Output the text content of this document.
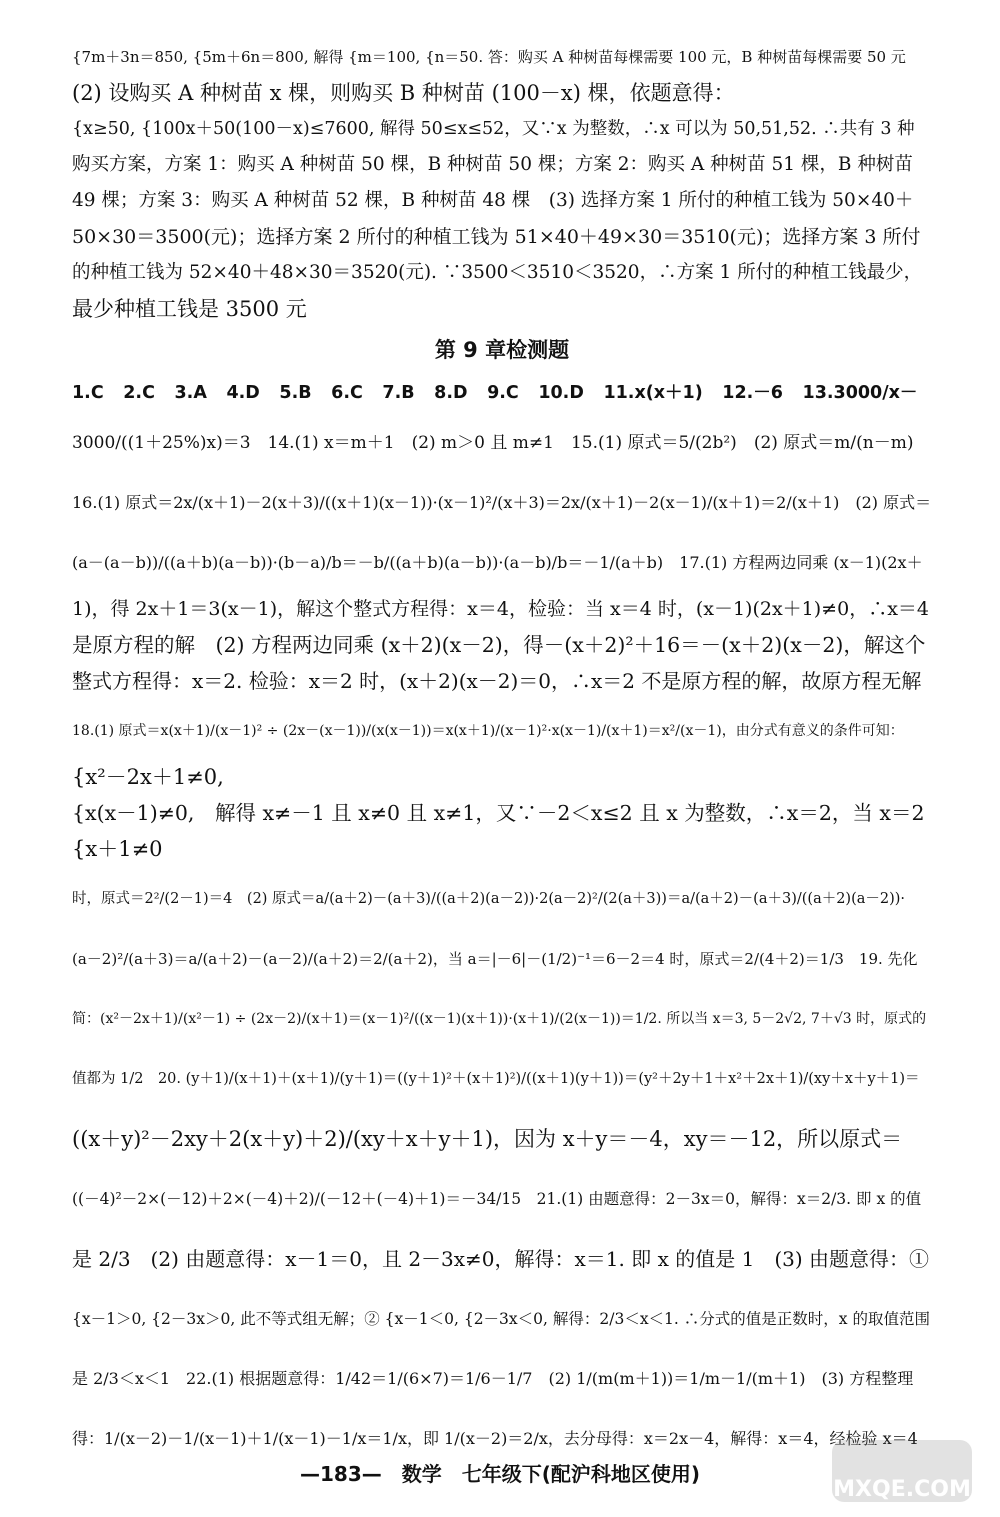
{7m＋3n＝850, {5m＋6n＝800, 解得 {m＝100, {n＝50. 答：购买 A 种树苗每棵需要 100 元，B 种树苗每棵需要 50 元
(2) 设购买 A 种树苗 x 棵，则购买 B 种树苗 (100－x) 棵，依题意得：
{x≥50, {100x＋50(100－x)≤7600, 解得 50≤x≤52，又∵x 为整数，∴x 可以为 50,51,52. ∴共有 3 种
购买方案，方案 1：购买 A 种树苗 50 棵，B 种树苗 50 棵；方案 2：购买 A 种树苗 51 棵，B 种树苗
49 棵；方案 3：购买 A 种树苗 52 棵，B 种树苗 48 棵　(3) 选择方案 1 所付的种植工钱为 50×40＋
50×30＝3500(元)；选择方案 2 所付的种植工钱为 51×40＋49×30＝3510(元)；选择方案 3 所付
的种植工钱为 52×40＋48×30＝3520(元). ∵3500＜3510＜3520，∴方案 1 所付的种植工钱最少，
最少种植工钱是 3500 元
第 9 章检测题
1.C 2.C 3.A 4.D 5.B 6.C 7.B 8.D 9.C 10.D 11.x(x＋1) 12.－6 13.3000/x－
3000/((1＋25%)x)＝3　14.(1) x＝m＋1　(2) m＞0 且 m≠1　15.(1) 原式＝5/(2b²)　(2) 原式＝m/(n－m)
16.(1) 原式＝2x/(x＋1)－2(x＋3)/((x＋1)(x－1))·(x－1)²/(x＋3)＝2x/(x＋1)－2(x－1)/(x＋1)＝2/(x＋1)　(2) 原式＝
(a－(a－b))/((a＋b)(a－b))·(b－a)/b＝－b/((a＋b)(a－b))·(a－b)/b＝－1/(a＋b)　17.(1) 方程两边同乘 (x－1)(2x＋
1)，得 2x＋1＝3(x－1)，解这个整式方程得：x＝4，检验：当 x＝4 时，(x－1)(2x＋1)≠0，∴x＝4
是原方程的解　(2) 方程两边同乘 (x＋2)(x－2)，得－(x＋2)²＋16＝－(x＋2)(x－2)，解这个
整式方程得：x＝2. 检验：x＝2 时，(x＋2)(x－2)＝0，∴x＝2 不是原方程的解，故原方程无解
18.(1) 原式＝x(x＋1)/(x－1)² ÷ (2x－(x－1))/(x(x－1))＝x(x＋1)/(x－1)²·x(x－1)/(x＋1)＝x²/(x－1)，由分式有意义的条件可知：
{x²－2x＋1≠0,
{x(x－1)≠0,　解得 x≠－1 且 x≠0 且 x≠1，又∵－2＜x≤2 且 x 为整数，∴x＝2，当 x＝2
{x＋1≠0
时，原式＝2²/(2－1)＝4　(2) 原式＝a/(a＋2)－(a＋3)/((a＋2)(a－2))·2(a－2)²/(2(a＋3))＝a/(a＋2)－(a＋3)/((a＋2)(a－2))·
(a－2)²/(a＋3)＝a/(a＋2)－(a－2)/(a＋2)＝2/(a＋2)，当 a＝|－6|－(1/2)⁻¹＝6－2＝4 时，原式＝2/(4＋2)＝1/3　19. 先化
简：(x²－2x＋1)/(x²－1) ÷ (2x－2)/(x＋1)＝(x－1)²/((x－1)(x＋1))·(x＋1)/(2(x－1))＝1/2. 所以当 x＝3, 5－2√2, 7＋√3 时，原式的
值都为 1/2　20. (y＋1)/(x＋1)＋(x＋1)/(y＋1)＝((y＋1)²＋(x＋1)²)/((x＋1)(y＋1))＝(y²＋2y＋1＋x²＋2x＋1)/(xy＋x＋y＋1)＝
((x＋y)²－2xy＋2(x＋y)＋2)/(xy＋x＋y＋1)，因为 x＋y＝－4，xy＝－12，所以原式＝
((－4)²－2×(－12)＋2×(－4)＋2)/(－12＋(－4)＋1)＝－34/15　21.(1) 由题意得：2－3x＝0，解得：x＝2/3. 即 x 的值
是 2/3　(2) 由题意得：x－1＝0，且 2－3x≠0，解得：x＝1. 即 x 的值是 1　(3) 由题意得：①
{x－1＞0, {2－3x＞0, 此不等式组无解；② {x－1＜0, {2－3x＜0, 解得：2/3＜x＜1. ∴分式的值是正数时，x 的取值范围
是 2/3＜x＜1　22.(1) 根据题意得：1/42＝1/(6×7)＝1/6－1/7　(2) 1/(m(m＋1))＝1/m－1/(m＋1)　(3) 方程整理
得：1/(x－2)－1/(x－1)＋1/(x－1)－1/x＝1/x，即 1/(x－2)＝2/x，去分母得：x＝2x－4，解得：x＝4，经检验 x＝4
—183—　数学　七年级下(配沪科地区使用)
MXQE.COM
